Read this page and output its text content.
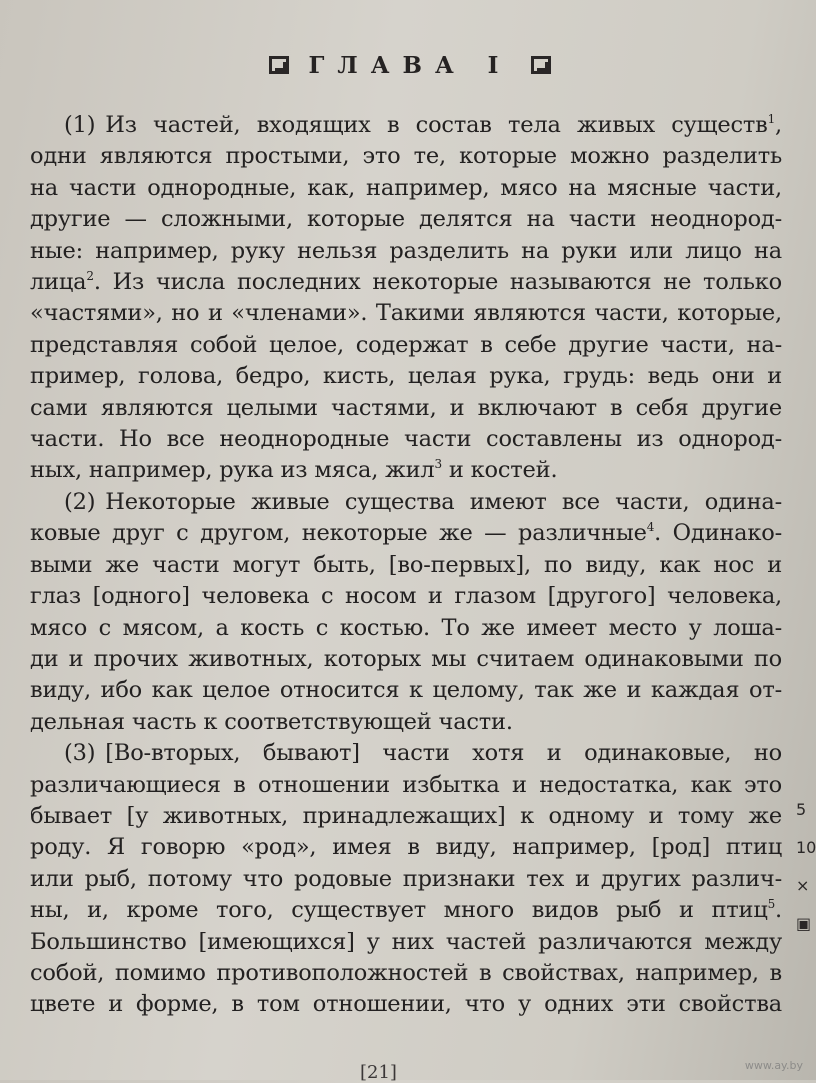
ГЛАВА I
(1) Из частей, входящих в состав тела живых существ$^1$,
одни являются простыми, это те, которые можно разделить
на части однородные, как, например, мясо на мясные части,
другие — сложными, которые делятся на части неоднород-
ные: например, руку нельзя разделить на руки или лицо на
лица$^2$. Из числа последних некоторые называются не только
«частями», но и «членами». Такими являются части, которые,
представляя собой целое, содержат в себе другие части, на-
пример, голова, бедро, кисть, целая рука, грудь: ведь они и
сами являются целыми частями, и включают в себя другие
части. Но все неоднородные части составлены из однород-
ных, например, рука из мяса, жил$^3$ и костей.
(2) Некоторые живые существа имеют все части, одина-
ковые друг с другом, некоторые же — различные$^4$. Одинако-
выми же части могут быть, [во-первых], по виду, как нос и
глаз [одного] человека с носом и глазом [другого] человека,
мясо с мясом, а кость с костью. То же имеет место у лоша-
ди и прочих животных, которых мы считаем одинаковыми по
виду, ибо как целое относится к целому, так же и каждая от-
дельная часть к соответствующей части.
(3) [Во-вторых, бывают] части хотя и одинаковые, но
различающиеся в отношении избытка и недостатка, как это
бывает [у животных, принадлежащих] к одному и тому же
роду. Я говорю «род», имея в виду, например, [род] птиц
или рыб, потому что родовые признаки тех и других различ-
ны, и, кроме того, существует много видов рыб и птиц$^5$.
Большинство [имеющихся] у них частей различаются между
собой, помимо противоположностей в свойствах, например, в
цвете и форме, в том отношении, что у одних эти свойства
5
10
×
▣
[21]	www.ay.by
